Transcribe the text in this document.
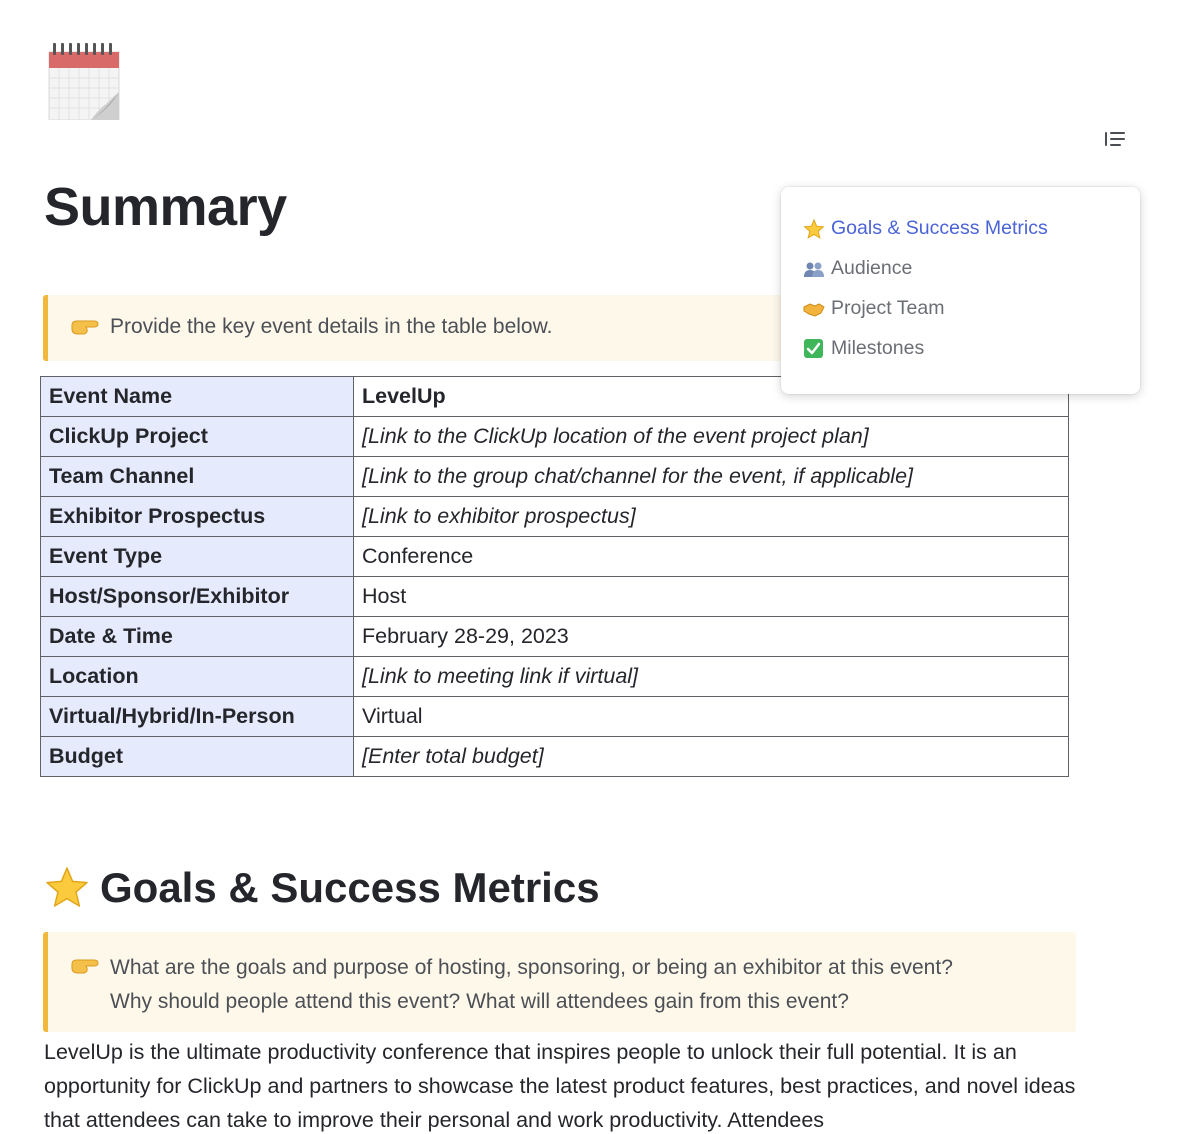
Summary
Provide the key event details in the table below.
Event Name	LevelUp
ClickUp Project	[Link to the ClickUp location of the event project plan]
Team Channel	[Link to the group chat/channel for the event, if applicable]
Exhibitor Prospectus	[Link to exhibitor prospectus]
Event Type	Conference
Host/Sponsor/Exhibitor	Host
Date & Time	February 28-29, 2023
Location	[Link to meeting link if virtual]
Virtual/Hybrid/In-Person	Virtual
Budget	[Enter total budget]
Goals & Success Metrics
What are the goals and purpose of hosting, sponsoring, or being an exhibitor at this event?
Why should people attend this event? What will attendees gain from this event?

LevelUp is the ultimate productivity conference that inspires people to unlock their full potential. It is an opportunity for ClickUp and partners to showcase the latest product features, best practices, and novel ideas that attendees can take to improve their personal and work productivity. Attendees

Goals & Success Metrics
Audience
Project Team
Milestones
